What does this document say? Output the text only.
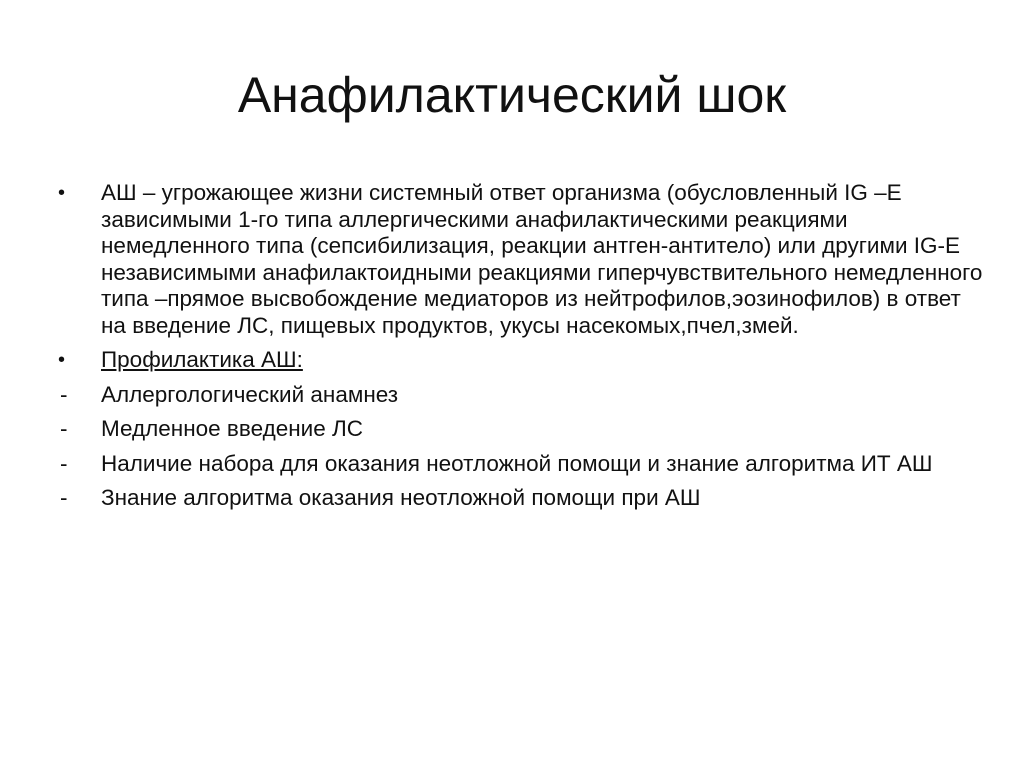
Анафилактический шок
•	АШ – угрожающее жизни системный ответ организма (обусловленный IG –E зависимыми 1-го типа аллергическими анафилактическими реакциями немедленного типа (сепсибилизация, реакции антген-антитело) или другими IG-E независимыми анафилактоидными реакциями гиперчувствительного немедленного типа –прямое высвобождение медиаторов из нейтрофилов,эозинофилов) в ответ на введение ЛС, пищевых продуктов, укусы насекомых,пчел,змей.
•	Профилактика АШ:
-	Аллергологический анамнез
-	Медленное введение ЛС
-	Наличие набора для оказания неотложной помощи и знание алгоритма ИТ АШ
-	Знание алгоритма оказания неотложной помощи при АШ
